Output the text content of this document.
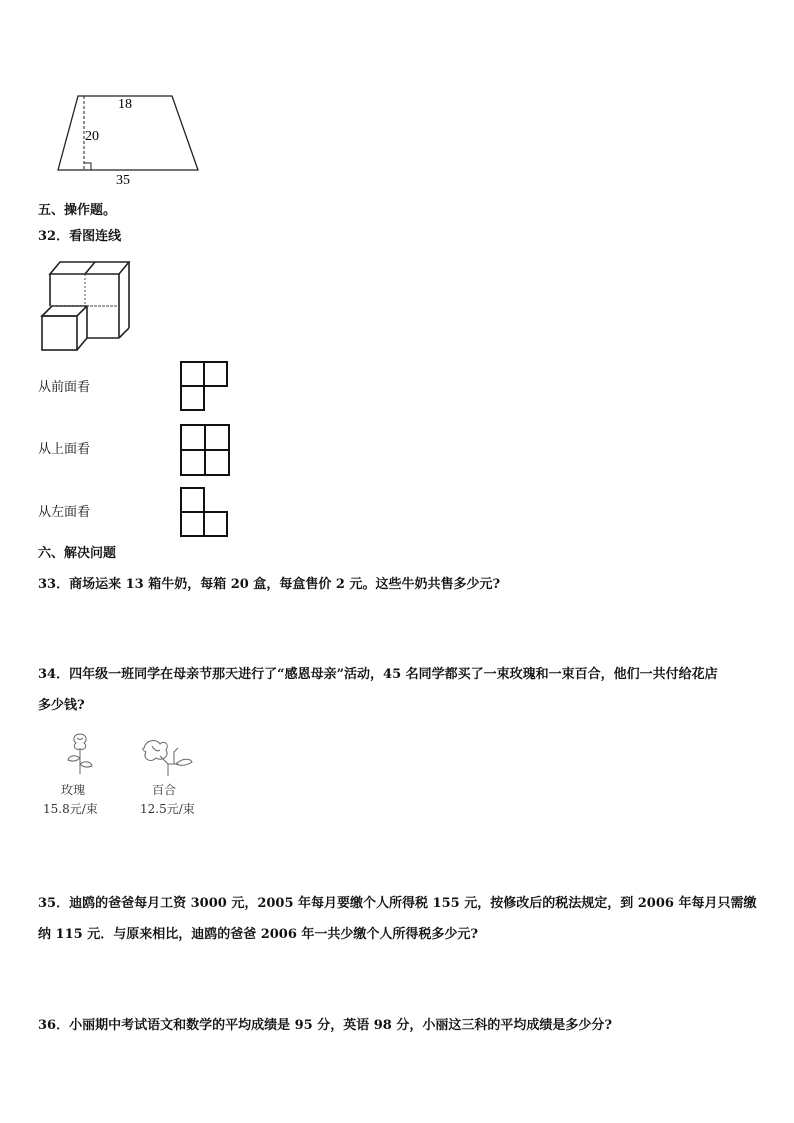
18
20
35
五、操作题。
32．看图连线
从前面看
从上面看
从左面看
六、解决问题
33．商场运来 13 箱牛奶，每箱 20 盒，每盒售价 2 元。这些牛奶共售多少元?
34．四年级一班同学在母亲节那天进行了“感恩母亲”活动，45 名同学都买了一束玫瑰和一束百合，他们一共付给花店
多少钱?
玫瑰
15.8元/束
百合
12.5元/束
35．迪鸥的爸爸每月工资 3000 元，2005 年每月要缴个人所得税 155 元，按修改后的税法规定，到 2006 年每月只需缴
纳 115 元．与原来相比，迪鸥的爸爸 2006 年一共少缴个人所得税多少元?
36．小丽期中考试语文和数学的平均成绩是 95 分，英语 98 分，小丽这三科的平均成绩是多少分?
